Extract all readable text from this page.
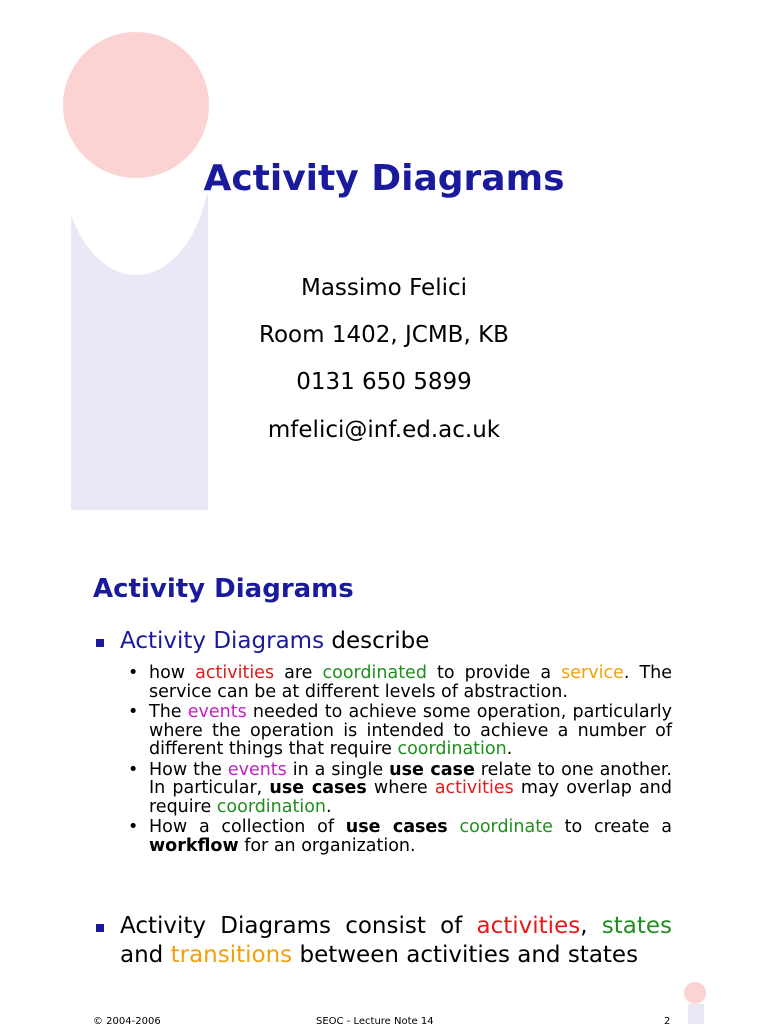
Activity Diagrams
Massimo Felici
Room 1402, JCMB, KB
0131 650 5899
mfelici@inf.ed.ac.uk
Activity Diagrams
Activity Diagrams describe
• how activities are coordinated to provide a service. The service can be at different levels of abstraction.
• The events needed to achieve some operation, particularly where the operation is intended to achieve a number of different things that require coordination.
• How the events in a single use case relate to one another. In particular, use cases where activities may overlap and require coordination.
• How a collection of use cases coordinate to create a workflow for an organization.
Activity Diagrams consist of activities, states and transitions between activities and states
© 2004-2006	SEOC - Lecture Note 14	2
